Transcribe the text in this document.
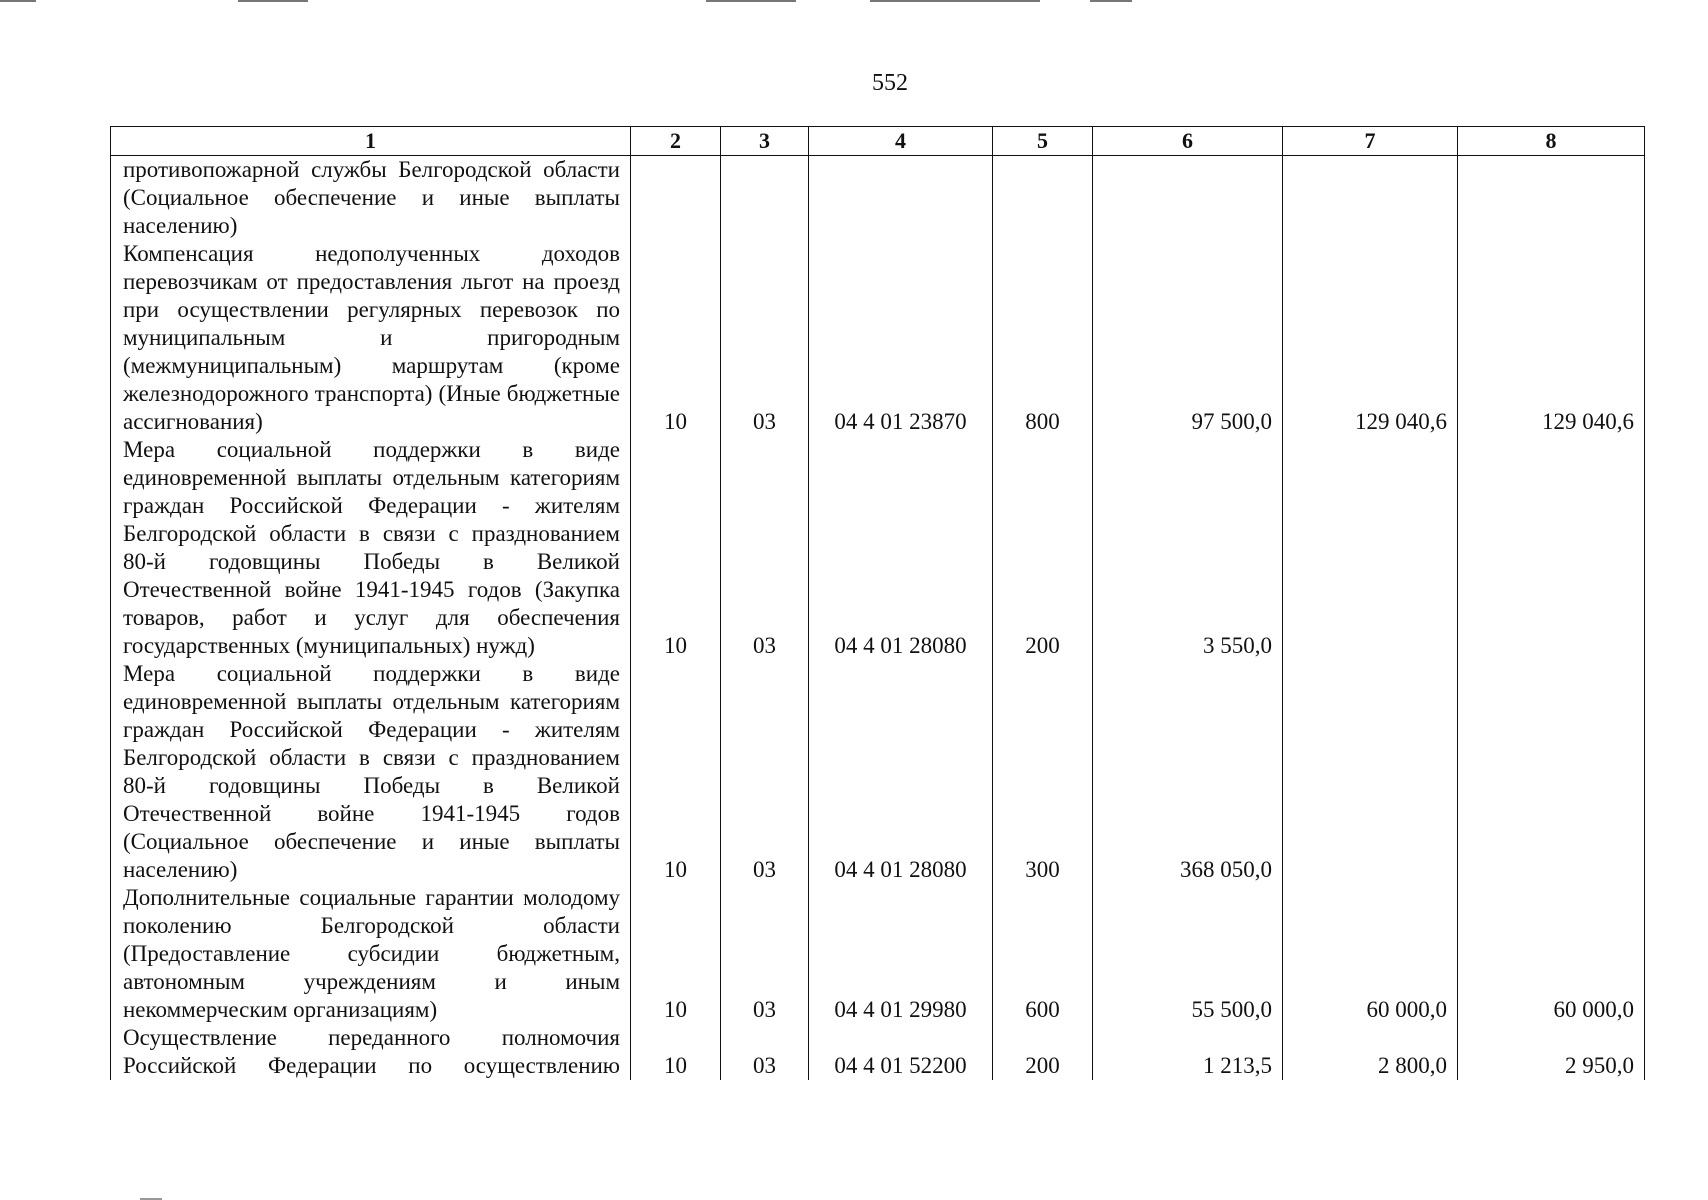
552
1	2	3	4	5	6	7	8
противопожарной службы Белгородской области (Социальное обеспечение и иные выплаты населению)							
Компенсация недополученных доходов перевозчикам от предоставления льгот на проезд при осуществлении регулярных перевозок по муниципальным и пригородным (межмуниципальным) маршрутам (кроме железнодорожного транспорта) (Иные бюджетные ассигнования)	10	03	04 4 01 23870	800	97 500,0	129 040,6	129 040,6
Мера социальной поддержки в виде единовременной выплаты отдельным категориям граждан Российской Федерации - жителям Белгородской области в связи с празднованием 80-й годовщины Победы в Великой Отечественной войне 1941-1945 годов (Закупка товаров, работ и услуг для обеспечения государственных (муниципальных) нужд)	10	03	04 4 01 28080	200	3 550,0		
Мера социальной поддержки в виде единовременной выплаты отдельным категориям граждан Российской Федерации - жителям Белгородской области в связи с празднованием 80-й годовщины Победы в Великой Отечественной войне 1941-1945 годов (Социальное обеспечение и иные выплаты населению)	10	03	04 4 01 28080	300	368 050,0		
Дополнительные социальные гарантии молодому поколению Белгородской области (Предоставление субсидии бюджетным, автономным учреждениям и иным некоммерческим организациям)	10	03	04 4 01 29980	600	55 500,0	60 000,0	60 000,0
Осуществление переданного полномочия Российской Федерации по осуществлению	10	03	04 4 01 52200	200	1 213,5	2 800,0	2 950,0
